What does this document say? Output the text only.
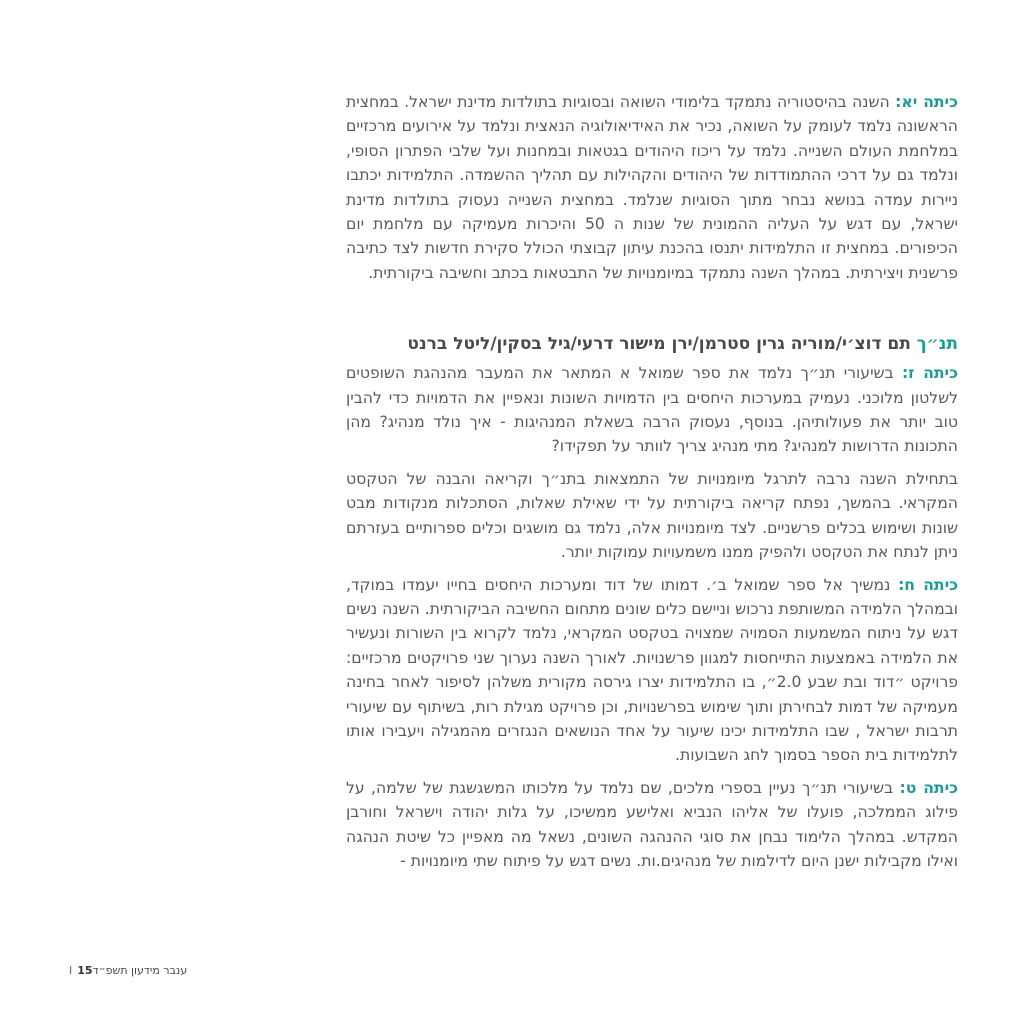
כיתה יא: השנה בהיסטוריה נתמקד בלימודי השואה ובסוגיות בתולדות מדינת ישראל. במחצית הראשונה נלמד לעומק על השואה, נכיר את האידיאולוגיה הנאצית ונלמד על אירועים מרכזיים במלחמת העולם השנייה. נלמד על ריכוז היהודים בגטאות ובמחנות ועל שלבי הפתרון הסופי, ונלמד גם על דרכי ההתמודדות של היהודים והקהילות עם תהליך ההשמדה. התלמידות יכתבו ניירות עמדה בנושא נבחר מתוך הסוגיות שנלמד. במחצית השנייה נעסוק בתולדות מדינת ישראל, עם דגש על העליה ההמונית של שנות ה 50 והיכרות מעמיקה עם מלחמת יום הכיפורים. במחצית זו התלמידות יתנסו בהכנת עיתון קבוצתי הכולל סקירת חדשות לצד כתיבה פרשנית ויצירתית. במהלך השנה נתמקד במיומנויות של התבטאות בכתב וחשיבה ביקורתית.

תנ״ך תם דוצ׳י/מוריה גרין סטרמן/ירן מישור דרעי/גיל בסקין/ליטל ברנט

כיתה ז: בשיעורי תנ״ך נלמד את ספר שמואל א המתאר את המעבר מהנהגת השופטים לשלטון מלוכני. נעמיק במערכות היחסים בין הדמויות השונות ונאפיין את הדמויות כדי להבין טוב יותר את פעולותיהן. בנוסף, נעסוק הרבה בשאלת המנהיגות - איך נולד מנהיג? מהן התכונות הדרושות למנהיג? מתי מנהיג צריך לוותר על תפקידו?

בתחילת השנה נרבה לתרגל מיומנויות של התמצאות בתנ״ך וקריאה והבנה של הטקסט המקראי. בהמשך, נפתח קריאה ביקורתית על ידי שאילת שאלות, הסתכלות מנקודות מבט שונות ושימוש בכלים פרשניים. לצד מיומנויות אלה, נלמד גם מושגים וכלים ספרותיים בעזרתם ניתן לנתח את הטקסט ולהפיק ממנו משמעויות עמוקות יותר.

כיתה ח: נמשיך אל ספר שמואל ב׳. דמותו של דוד ומערכות היחסים בחייו יעמדו במוקד, ובמהלך הלמידה המשותפת נרכוש וניישם כלים שונים מתחום החשיבה הביקורתית. השנה נשים דגש על ניתוח המשמעות הסמויה שמצויה בטקסט המקראי, נלמד לקרוא בין השורות ונעשיר את הלמידה באמצעות התייחסות למגוון פרשנויות. לאורך השנה נערוך שני פרויקטים מרכזיים: פרויקט ״דוד ובת שבע 2.0״, בו התלמידות יצרו גירסה מקורית משלהן לסיפור לאחר בחינה מעמיקה של דמות לבחירתן ותוך שימוש בפרשנויות, וכן פרויקט מגילת רות, בשיתוף עם שיעורי תרבות ישראל , שבו התלמידות יכינו שיעור על אחד הנושאים הנגזרים מהמגילה ויעבירו אותו לתלמידות בית הספר בסמוך לחג השבועות.

כיתה ט: בשיעורי תנ״ך נעיין בספרי מלכים, שם נלמד על מלכותו המשגשגת של שלמה, על פילוג הממלכה, פועלו של אליהו הנביא ואלישע ממשיכו, על גלות יהודה וישראל וחורבן המקדש. במהלך הלימוד נבחן את סוגי ההנהגה השונים, נשאל מה מאפיין כל שיטת הנהגה ואילו מקבילות ישנן היום לדילמות של מנהיגים.ות. נשים דגש על פיתוח שתי מיומנויות -

ענבר מידעון תשפ״דI 15
